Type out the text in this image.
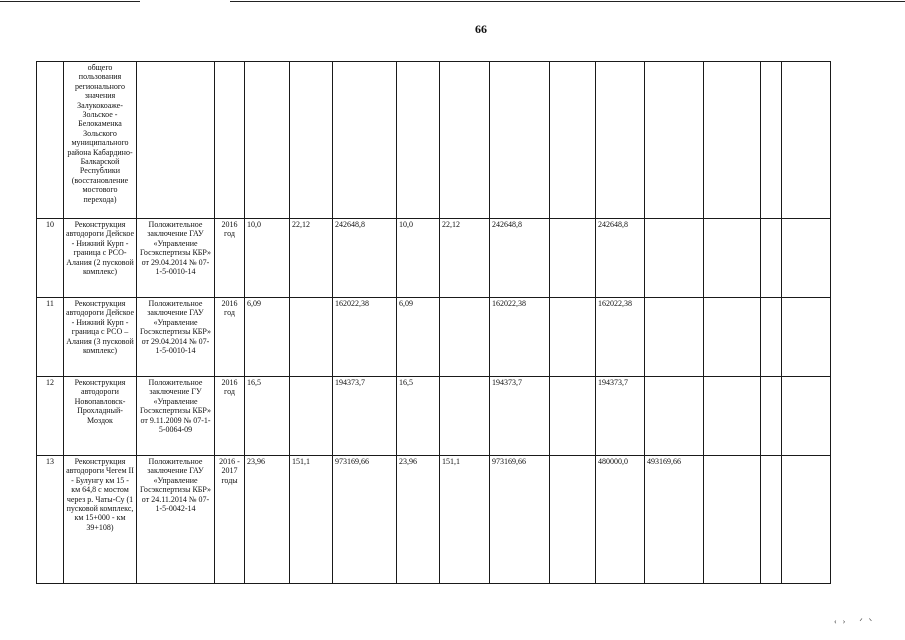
66
	общего пользования регионального значения Залукокоаже-Зольское - Белокаменка Зольского муниципального района Кабардино-Балкарской Республики (восстановление мостового перехода)														
10	Реконструкция автодороги Дейское - Нижний Курп - граница с РСО-Алания (2 пусковой комплекс)	Положительное заключение ГАУ «Управление Госэкспертизы КБР» от 29.04.2014 № 07-1-5-0010-14	2016 год	10,0	22,12	242648,8	10,0	22,12	242648,8		242648,8				
11	Реконструкция автодороги Дейское - Нижний Курп - граница с РСО – Алания (3 пусковой комплекс)	Положительное заключение ГАУ «Управление Госэкспертизы КБР» от 29.04.2014 № 07-1-5-0010-14	2016 год	6,09		162022,38	6,09		162022,38		162022,38				
12	Реконструкция автодороги Новопавловск-Прохладный-Моздок	Положительное заключение ГУ «Управление Госэкспертизы КБР» от 9.11.2009 № 07-1-5-0064-09	2016 год	16,5		194373,7	16,5		194373,7		194373,7				
13	Реконструкция автодороги Чегем II - Булунгу км 15 - км 64,8 с мостом через р. Чаты-Су (1 пусковой комплекс, км 15+000 - км 39+108)	Положительное заключение ГАУ «Управление Госэкспертизы КБР» от 24.11.2014 № 07-1-5-0042-14	2016 - 2017 годы	23,96	151,1	973169,66	23,96	151,1	973169,66		480000,0	493169,66			
‹› ᐟᐠ
